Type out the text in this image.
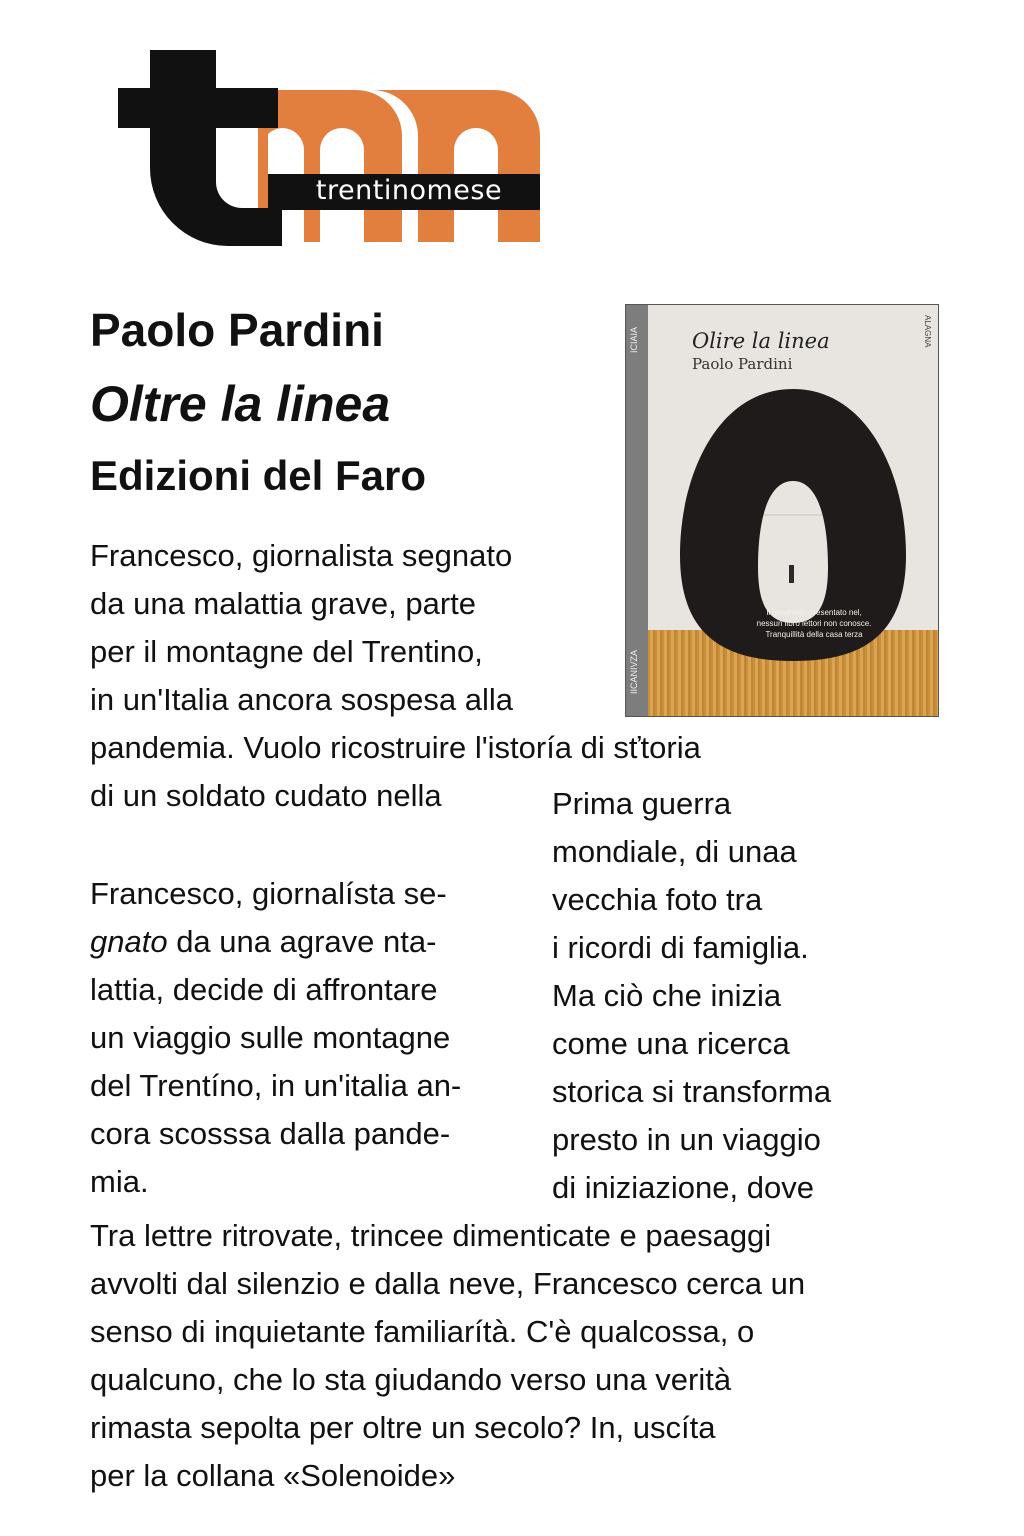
trentinomese
Paolo Pardini
Oltre la linea
Edizioni del Faro
ICIAIA
IICANIVZA
ALAGNA
Olire la linea
Paolo Pardini
Il giovinetto presentato nel,
nessun libro lettori non conosce.
Tranquillità della casa terza

Francesco, giornalista segnato
da una malattia grave, parte
per il montagne del Trentino,
in un'Italia ancora sospesa alla

pandemia. Vuolo ricostruire l'istoría di sťtoria

di un soldato cudato nella	Prima guerra
mondiale, di unaa
vecchia foto tra
i ricordi di famiglia.
Ma ciò che inizia
come una ricerca
storica si transforma
presto in un viaggio
di iniziazione, dove

Francesco, giornalísta se-
gnato da una agrave nta-
lattia, decide di affrontare
un viaggio sulle montagne
del Trentíno, in un'italia an-
cora scosssa dalla pande-
mia.

Tra lettre ritrovate, trincee dimenticate e paesaggi
avvolti dal silenzio e dalla neve, Francesco cerca un
senso di inquietante familiarítà. C'è qualcossa, o
qualcuno, che lo sta giudando verso una verità
rimasta sepolta per oltre un secolo? In, uscíta
per la collana «Solenoide»
